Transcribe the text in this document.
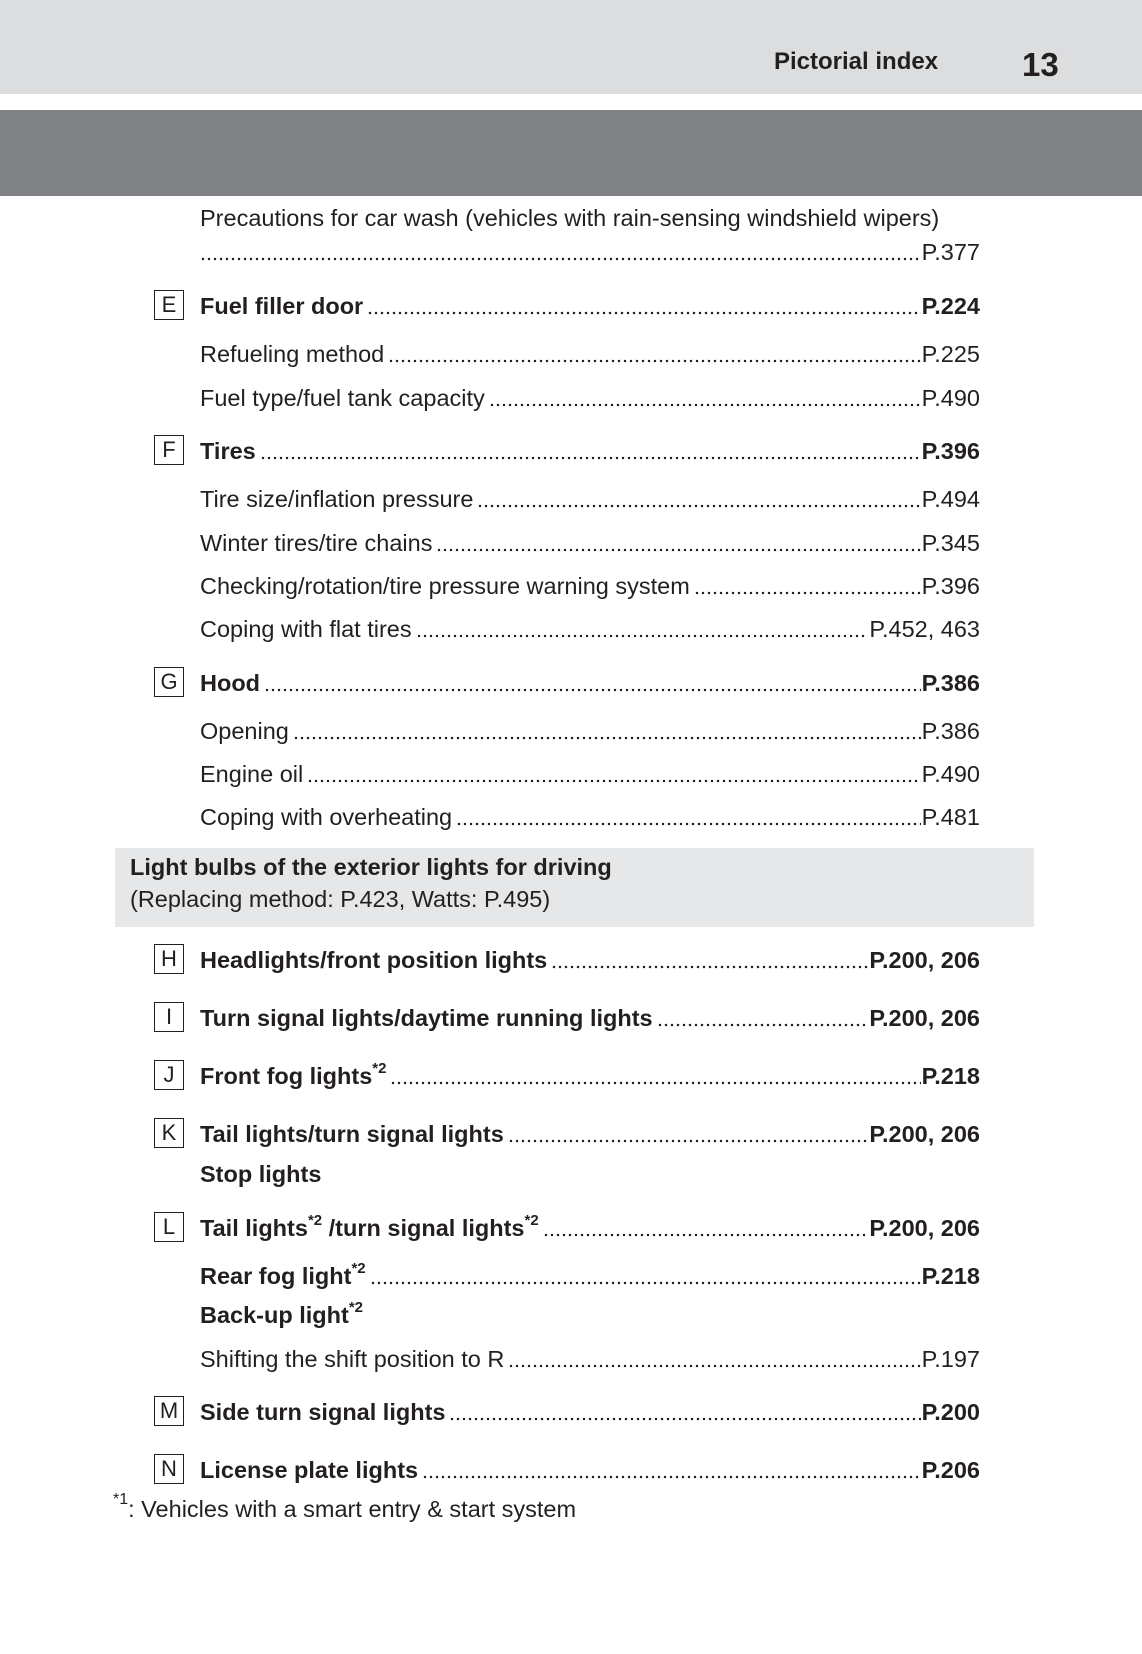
Pictorial index	13
Precautions for car wash (vehicles with rain-sensing windshield wipers)
P.377
E	Fuel filler door	P.224
Refueling method	P.225
Fuel type/fuel tank capacity	P.490
F	Tires	P.396
Tire size/inflation pressure	P.494
Winter tires/tire chains	P.345
Checking/rotation/tire pressure warning system	P.396
Coping with flat tires	P.452, 463
G Hood	P.386
Opening	P.386
Engine oil	P.490
Coping with overheating	P.481
Light bulbs of the exterior lights for driving
(Replacing method: P.423, Watts: P.495)
H Headlights/front position lights	P.200, 206
I	Turn signal lights/daytime running lights	P.200, 206
J	Front fog lights$^{*2}$	P.218
K	Tail lights/turn signal lights	P.200, 206
Stop lights
L	Tail lights$^{*2}$ /turn signal lights$^{*2}$	P.200, 206
Rear fog light$^{*2}$	P.218
Back-up light$^{*2}$
Shifting the shift position to R	P.197
M Side turn signal lights	P.200
N License plate lights	P.206
$^{*1}$: Vehicles with a smart entry & start system
